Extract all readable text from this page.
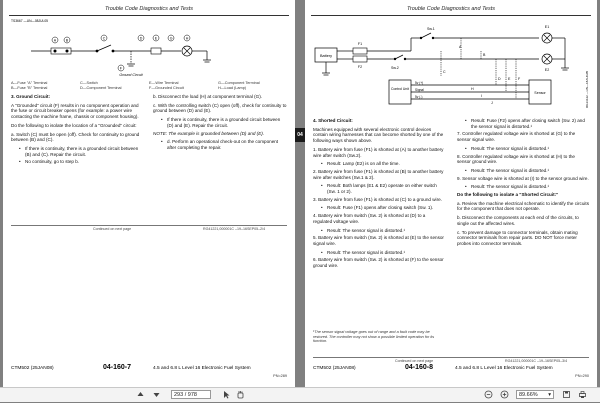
Trouble Code Diagnostics and Tests
TS3667 —UN—08JUL05
A	B	C	D	E
F
G	H
Ground Circuit
A—Fuse "A" Terminal	C—Switch	E—Wire Terminal	G—Component Terminal
B—Fuse "B" Terminal	D—Component Terminal	F—Grounded Circuit	H—Load (Lamp)

3. Ground Circuit:

A "Grounded" circuit (F) results in no component operation and the fuse or circuit breaker opens (for example: a power wire contacting the machine frame, chassis or component housing).

Do the following to isolate the location of a "Grounded" circuit:

a. Switch (C) must be open (off). Check for continuity to ground between (B) and (C).

• If there is continuity, there is a grounded circuit between (B) and (C). Repair the circuit.
• No continuity, go to step b.

b. Disconnect the load (H) at component terminal (G).

c. With the controlling switch (C) open (off), check for continuity to ground between (D) and (E).

• If there is continuity, there is a grounded circuit between (D) and (E). Repair the circuit.

NOTE: The example is grounded between (D) and (E).

• d. Perform an operational check-out on the component after completing the repair.
Continued on next page	RG41221,000001C –19–16SEP05–2/4
CTM502 (25JAN08)	04-160-7	4.5 and 6.8 L Level 16 Electronic Fuel System
PN=289
04
Trouble Code Diagnostics and Tests
Battery
F1
F2
Sw.1
Sw.2
E1
E2
Control Unit
5v (+)
Signal
5v (-)
Sensor
A
B
C
D E F
H
I
J	RG13122 —UN—18AUG05

4. Shorted Circuit:

Machines equipped with several electronic control devices contain wiring harnesses that can become shorted by one of the following ways shown above.

1. Battery wire from fuse (F1) is shorted at (A) to another battery wire after switch (Sw.2).

• Result: Lamp (E2) is on all the time.

2. Battery wire from fuse (F1) is shorted at (B) to another battery wire after switches (Sw.1 & 2).

• Result: Both lamps (E1 & E2) operate on either switch (Sw. 1 or 2).

3. Battery wire from fuse (F1) is shorted at (C) to a ground wire.

• Result: Fuse (F1) opens after closing switch (Sw. 1).

4. Battery wire from switch (Sw. 2) is shorted at (D) to a regulated voltage wire.

• Result: The sensor signal is distorted.¹

5. Battery wire from switch (Sw. 2) is shorted at (E) to the sensor signal wire.

• Result: The sensor signal is distorted.¹

6. Battery wire from switch (Sw. 2) is shorted at (F) to the sensor ground wire.

¹The sensor signal voltage goes out of range and a fault code may be restored. The controller may not show a possible limited operation for its function.
• Result: Fuse (F2) opens after closing switch (Sw. 2) and the sensor signal is distorted.¹

7. Controller regulated voltage wire is shorted at (G) to the sensor signal wire.

• Result: The sensor signal is distorted.¹

8. Controller regulated voltage wire is shorted at (H) to the sensor ground wire.

• Result: The sensor signal is distorted.¹

9. Sensor voltage wire is shorted at (I) to the sensor ground wire.

• Result: The sensor signal is distorted.¹

Do the following to isolate a "Shorted Circuit:"

a. Review the machine electrical schematic to identify the circuits for the component that does not operate.

b. Disconnect the components at each end of the circuits, to single out the affected wires.

c. To prevent damage to connector terminals, obtain mating connector terminals from repair parts. DO NOT force meter probes into connector terminals.

Continued on next page	RG41221,000001C –19–16SEP05–3/4
CTM502 (25JAN08)	04-160-8	4.5 and 6.8 L Level 16 Electronic Fuel System
PN=290
293 / 978	89.66% ▾
